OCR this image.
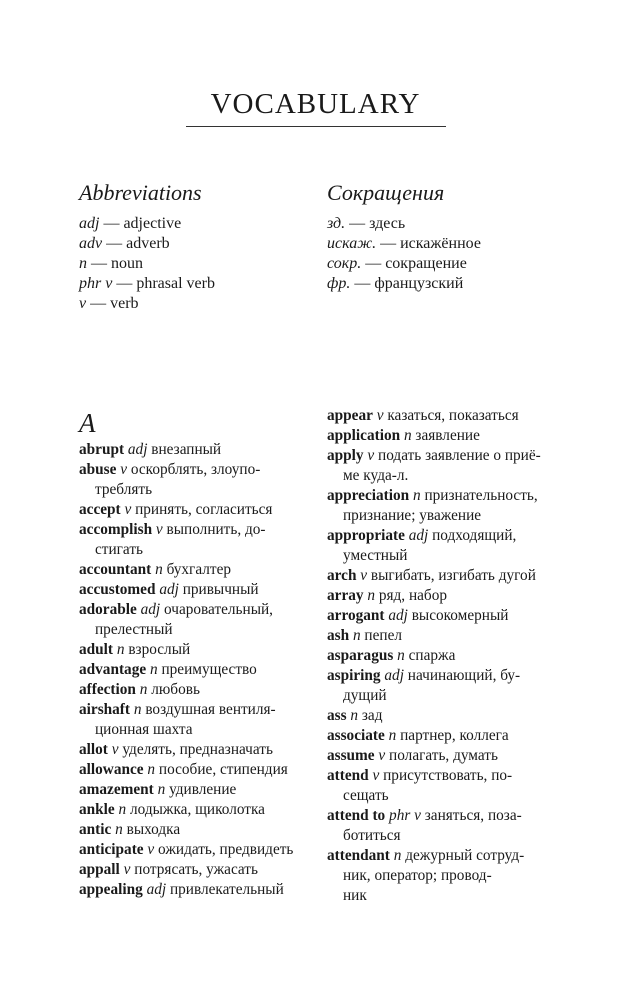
VOCABULARY
Abbreviations
adj — adjective
adv — adverb
n — noun
phr v — phrasal verb
v — verb
Сокращения
зд. — здесь
искаж. — искажённое
сокр. — сокращение
фр. — французский
A
abrupt adj внезапный
abuse v оскорблять, злоупо-
треблять
accept v принять, согласиться
accomplish v выполнить, до-
стигать
accountant n бухгалтер
accustomed adj привычный
adorable adj очаровательный,
прелестный
adult n взрослый
advantage n преимущество
affection n любовь
airshaft n воздушная вентиля-
ционная шахта
allot v уделять, предназначать
allowance n пособие, стипендия
amazement n удивление
ankle n лодыжка, щиколотка
antic n выходка
anticipate v ожидать, предвидеть
appall v потрясать, ужасать
appealing adj привлекательный
appear v казаться, показаться
application n заявление
apply v подать заявление о приё-
ме куда-л.
appreciation n признательность,
признание; уважение
appropriate adj подходящий,
уместный
arch v выгибать, изгибать дугой
array n ряд, набор
arrogant adj высокомерный
ash n пепел
asparagus n спаржа
aspiring adj начинающий, бу-
дущий
ass n зад
associate n партнер, коллега
assume v полагать, думать
attend v присутствовать, по-
сещать
attend to phr v заняться, поза-
ботиться
attendant n дежурный сотруд-
ник, оператор; провод-
ник
